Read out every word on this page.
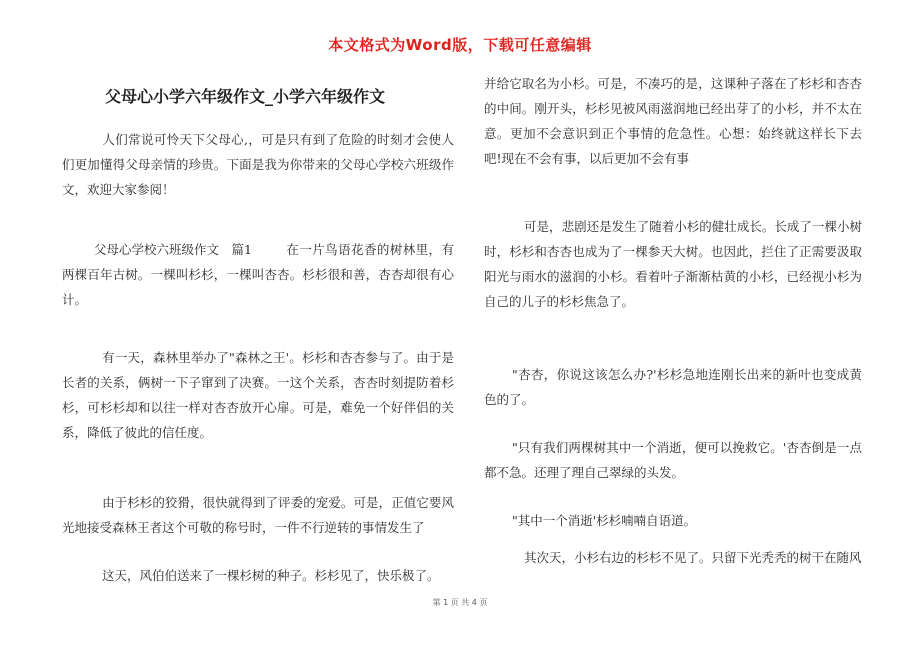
本文格式为Word版，下载可任意编辑
父母心小学六年级作文_小学六年级作文

人们常说可怜天下父母心,，可是只有到了危险的时刻才会使人们更加懂得父母亲情的珍贵。下面是我为你带来的父母心学校六班级作文，欢迎大家参阅！

父母心学校六班级作文　篇1	在一片鸟语花香的树林里，有两棵百年古树。一棵叫杉杉，一棵叫杏杏。杉杉很和善，杏杏却很有心计。

有一天，森林里举办了"森林之王'。杉杉和杏杏参与了。由于是长者的关系，俩树一下子窜到了决赛。一这个关系，杏杏时刻提防着杉杉，可杉杉却和以往一样对杏杏放开心扉。可是，难免一个好伴侣的关系，降低了彼此的信任度。

由于杉杉的狡猾，很快就得到了评委的宠爱。可是，正值它要风光地接受森林王者这个可敬的称号时，一件不行逆转的事情发生了

这天，风伯伯送来了一棵杉树的种子。杉杉见了，快乐极了。

并给它取名为小杉。可是，不凑巧的是，这课种子落在了杉杉和杏杏的中间。刚开头，杉杉见被风雨滋润地已经出芽了的小杉，并不太在意。更加不会意识到正个事情的危急性。心想：始终就这样长下去吧!现在不会有事，以后更加不会有事

可是，悲剧还是发生了随着小杉的健壮成长。长成了一棵小树时，杉杉和杏杏也成为了一棵参天大树。也因此，拦住了正需要汲取阳光与雨水的滋润的小杉。看着叶子渐渐枯黄的小杉，已经视小杉为自己的儿子的杉杉焦急了。

"杏杏，你说这该怎么办?'杉杉急地连刚长出来的新叶也变成黄色的了。

"只有我们两棵树其中一个消逝，便可以挽救它。'杏杏倒是一点都不急。还理了理自己翠绿的头发。

"其中一个消逝'杉杉喃喃自语道。

其次天，小杉右边的杉杉不见了。只留下光秃秃的树干在随风

第 1 页 共 4 页
